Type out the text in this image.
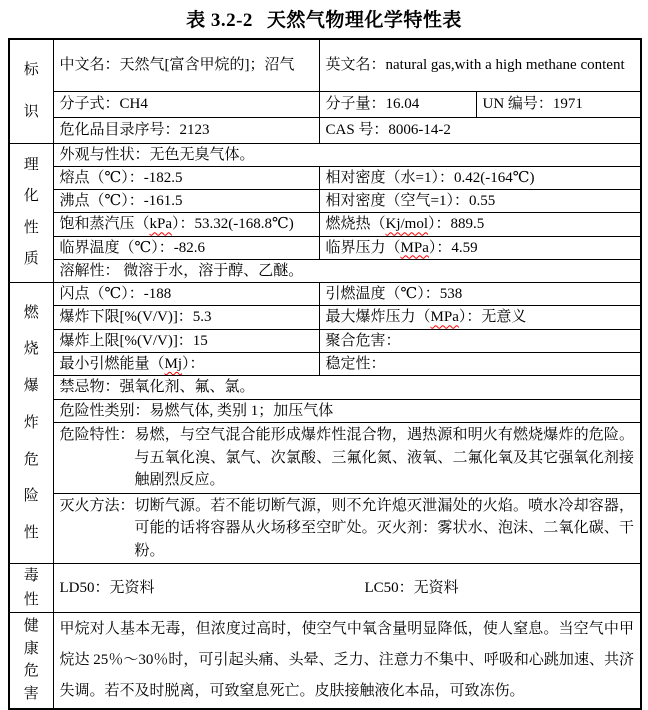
表 3.2-2 天然气物理化学特性表
标识	中文名：天然气[富含甲烷的]；沼气	英文名：natural gas,with a high methane content	
	分子式：CH4	分子量：16.04	UN 编号：1971
	危化品目录序号：2123	CAS 号：8006-14-2	
理化性质	外观与性状：无色无臭气体。		
	熔点（℃）：-182.5	相对密度（水=1）：0.42(-164℃)	
	沸点（℃）：-161.5	相对密度（空气=1）：0.55	
	饱和蒸汽压（kPa）：53.32(-168.8℃)	燃烧热（Kj/mol）：889.5	
	临界温度（℃）：-82.6	临界压力（MPa）：4.59	
	溶解性： 微溶于水，溶于醇、乙醚。		
燃烧爆炸危险性	闪点（℃）：-188	引燃温度（℃）：538	
	爆炸下限[%(V/V)]：5.3	最大爆炸压力（MPa）：无意义	
	爆炸上限[%(V/V)]：15	聚合危害：	
	最小引燃能量（Mj）：	稳定性：	
	禁忌物：强氧化剂、氟、氯。		
	危险性类别：易燃气体, 类别 1；加压气体		

	危险特性： 易燃，与空气混合能形成爆炸性混合物，遇热源和明火有燃烧爆炸的危险。与五氧化溴、氯气、次氯酸、三氟化氮、液氧、二氟化氧及其它强氧化剂接触剧烈反应。		

	灭火方法： 切断气源。若不能切断气源，则不允许熄灭泄漏处的火焰。喷水冷却容器，可能的话将容器从火场移至空旷处。灭火剂：雾状水、泡沫、二氧化碳、干粉。		

毒性	LD50：无资料 LC50：无资料		
健康危害	甲烷对人基本无毒，但浓度过高时，使空气中氧含量明显降低，使人窒息。当空气中甲烷达 25％～30％时，可引起头痛、头晕、乏力、注意力不集中、呼吸和心跳加速、共济失调。若不及时脱离，可致窒息死亡。皮肤接触液化本品，可致冻伤。		
